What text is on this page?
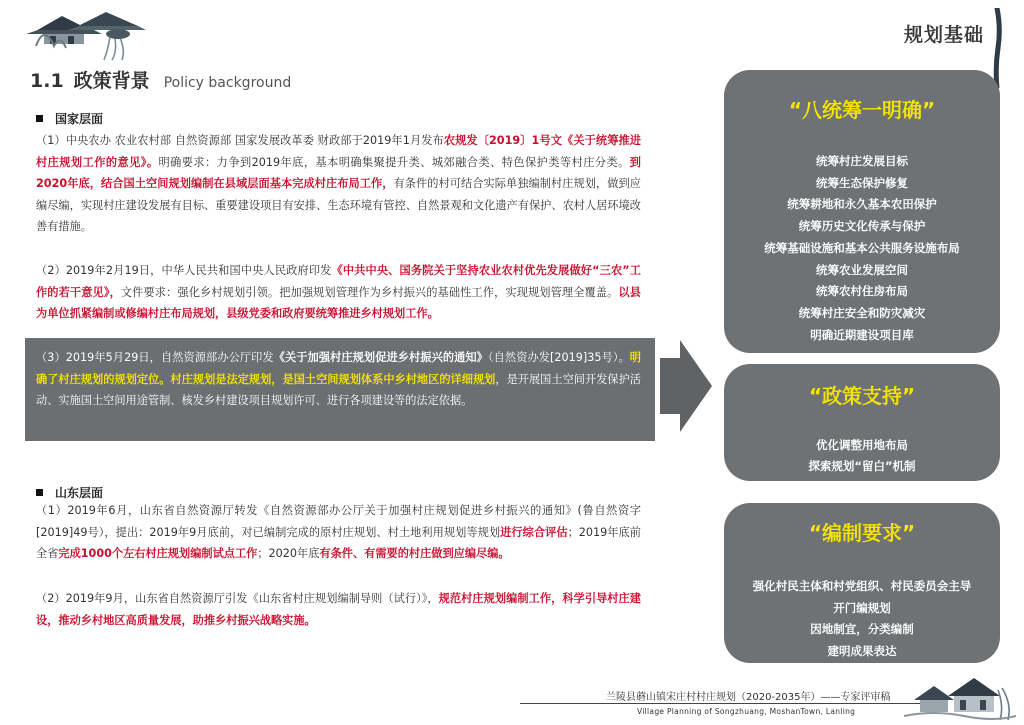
规划基础
1.1 政策背景 Policy background
国家层面
（1）中央农办 农业农村部 自然资源部 国家发展改革委 财政部于2019年1月发布农规发〔2019〕1号文《关于统筹推进村庄规划工作的意见》。明确要求：力争到2019年底，基本明确集聚提升类、城郊融合类、特色保护类等村庄分类。到2020年底，结合国土空间规划编制在县域层面基本完成村庄布局工作，有条件的村可结合实际单独编制村庄规划，做到应编尽编，实现村庄建设发展有目标、重要建设项目有安排、生态环境有管控、自然景观和文化遗产有保护、农村人居环境改善有措施。
（2）2019年2月19日，中华人民共和国中央人民政府印发《中共中央、国务院关于坚持农业农村优先发展做好“三农”工作的若干意见》，文件要求：强化乡村规划引领。把加强规划管理作为乡村振兴的基础性工作，实现规划管理全覆盖。以县为单位抓紧编制或修编村庄布局规划，县级党委和政府要统筹推进乡村规划工作。
（3）2019年5月29日，自然资源部办公厅印发《关于加强村庄规划促进乡村振兴的通知》（自然资办发[2019]35号）。明确了村庄规划的规划定位。村庄规划是法定规划，是国土空间规划体系中乡村地区的详细规划，是开展国土空间开发保护活动、实施国土空间用途管制、核发乡村建设项目规划许可、进行各项建设等的法定依据。
山东层面
（1）2019年6月，山东省自然资源厅转发《自然资源部办公厅关于加强村庄规划促进乡村振兴的通知》(鲁自然资字[2019]49号），提出：2019年9月底前，对已编制完成的原村庄规划、村土地利用规划等规划进行综合评估；2019年底前全省完成1000个左右村庄规划编制试点工作；2020年底有条件、有需要的村庄做到应编尽编。
（2）2019年9月，山东省自然资源厅引发《山东省村庄规划编制导则（试行）》，规范村庄规划编制工作，科学引导村庄建设，推动乡村地区高质量发展，助推乡村振兴战略实施。
“八统筹一明确”
统筹村庄发展目标
统筹生态保护修复
统筹耕地和永久基本农田保护
统筹历史文化传承与保护
统筹基础设施和基本公共服务设施布局
统筹农业发展空间
统筹农村住房布局
统筹村庄安全和防灾减灾
明确近期建设项目库
“政策支持”
优化调整用地布局
探索规划“留白”机制
“编制要求”
强化村民主体和村党组织、村民委员会主导
开门编规划
因地制宜，分类编制
建明成果表达
兰陵县蘑山镇宋庄村村庄规划（2020-2035年）——专家评审稿
Village Planning of Songzhuang, MoshanTown, Lanling
